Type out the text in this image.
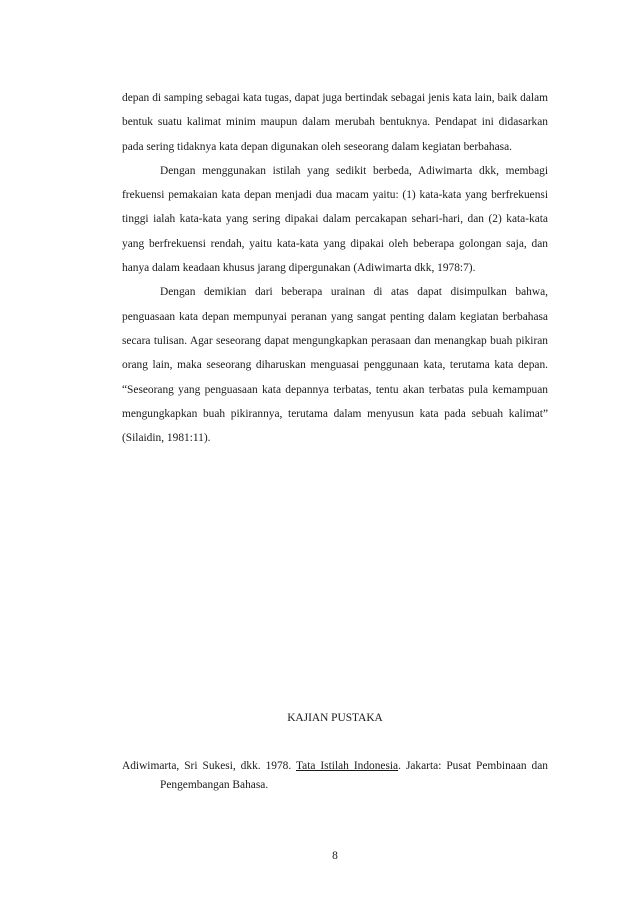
depan di samping sebagai kata tugas, dapat juga bertindak sebagai jenis kata lain, baik dalam bentuk suatu kalimat minim maupun dalam merubah bentuknya. Pendapat ini didasarkan pada sering tidaknya kata depan digunakan oleh seseorang dalam kegiatan berbahasa.

Dengan menggunakan istilah yang sedikit berbeda, Adiwimarta dkk, membagi frekuensi pemakaian kata depan menjadi dua macam yaitu: (1) kata-kata yang berfrekuensi tinggi ialah kata-kata yang sering dipakai dalam percakapan sehari-hari, dan (2) kata-kata yang berfrekuensi rendah, yaitu kata-kata yang dipakai oleh beberapa golongan saja, dan hanya dalam keadaan khusus jarang dipergunakan (Adiwimarta dkk, 1978:7).

Dengan demikian dari beberapa urainan di atas dapat disimpulkan bahwa, penguasaan kata depan mempunyai peranan yang sangat penting dalam kegiatan berbahasa secara tulisan. Agar seseorang dapat mengungkapkan perasaan dan menangkap buah pikiran orang lain, maka seseorang diharuskan menguasai penggunaan kata, terutama kata depan. “Seseorang yang penguasaan kata depannya terbatas, tentu akan terbatas pula kemampuan mengungkapkan buah pikirannya, terutama dalam menyusun kata pada sebuah kalimat” (Silaidin, 1981:11).

KAJIAN PUSTAKA

Adiwimarta, Sri Sukesi, dkk. 1978. Tata Istilah Indonesia. Jakarta: Pusat Pembinaan dan Pengembangan Bahasa.

8
